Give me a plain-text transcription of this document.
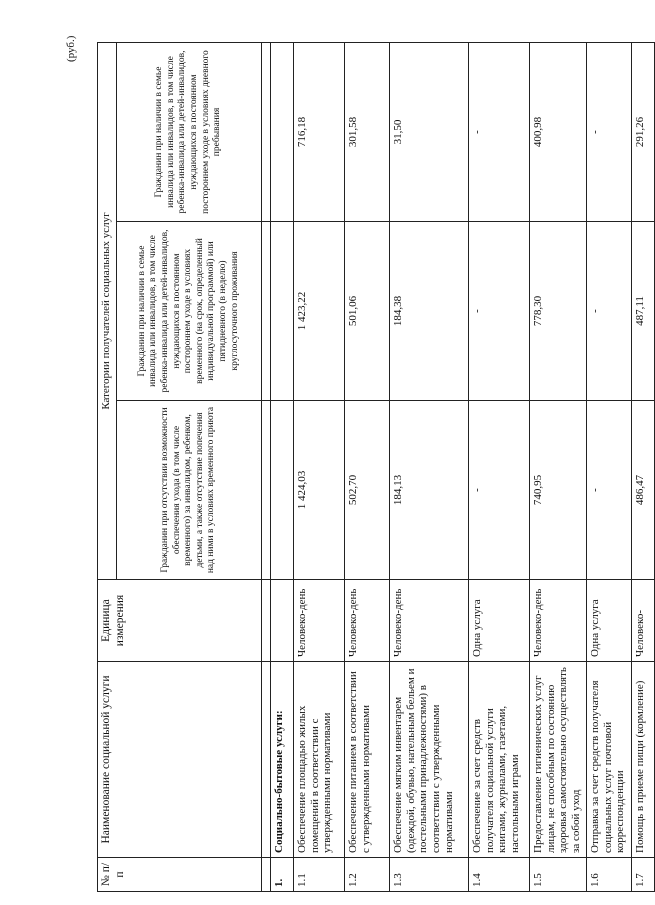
(руб.)
№ п/п	Наименование социальной услуги	Единица измерения	Категории получателей социальных услуг		
			Гражданин при отсутствии возможности обеспечения ухода (в том числе временного) за инвалидом, ребенком, детьми, а также отсутствие попечения над ними в условиях временного приюта	Гражданин при наличии в семье инвалида или инвалидов, в том числе ребенка-инвалида или детей-инвалидов, нуждающихся в постоянном постороннем уходе в условиях временного (на срок, определенный индивидуальной программой) или пятидневного (в неделю) круглосуточного проживания	Гражданин при наличии в семье инвалида или инвалидов, в том числе ребенка-инвалида или детей-инвалидов, нуждающихся в постоянном постороннем уходе в условиях дневного пребывания

1.	Социально-бытовые услуги:				
1.1	Обеспечение площадью жилых помещений в соответствии с утвержденными нормативами	Человеко-день	1 424,03	1 423,22	716,18
1.2	Обеспечение питанием в соответствии с утвержденными нормативами	Человеко-день	502,70	501,06	301,58
1.3	Обеспечение мягким инвентарем (одеждой, обувью, нательным бельем и постельными принадлежностями) в соответствии с утвержденными нормативами	Человеко-день	184,13	184,38	31,50
1.4	Обеспечение за счет средств получателя социальной услуги книгами, журналами, газетами, настольными играми	Одна услуга	-	-	-
1.5	Предоставление гигиенических услуг лицам, не способным по состоянию здоровья самостоятельно осуществлять за собой уход	Человеко-день	740,95	778,30	400,98
1.6	Отправка за счет средств получателя социальных услуг почтовой корреспонденции	Одна услуга	-	-	-
1.7	Помощь в приеме пищи (кормление)	Человеко-	486,47	487,11	291,26
